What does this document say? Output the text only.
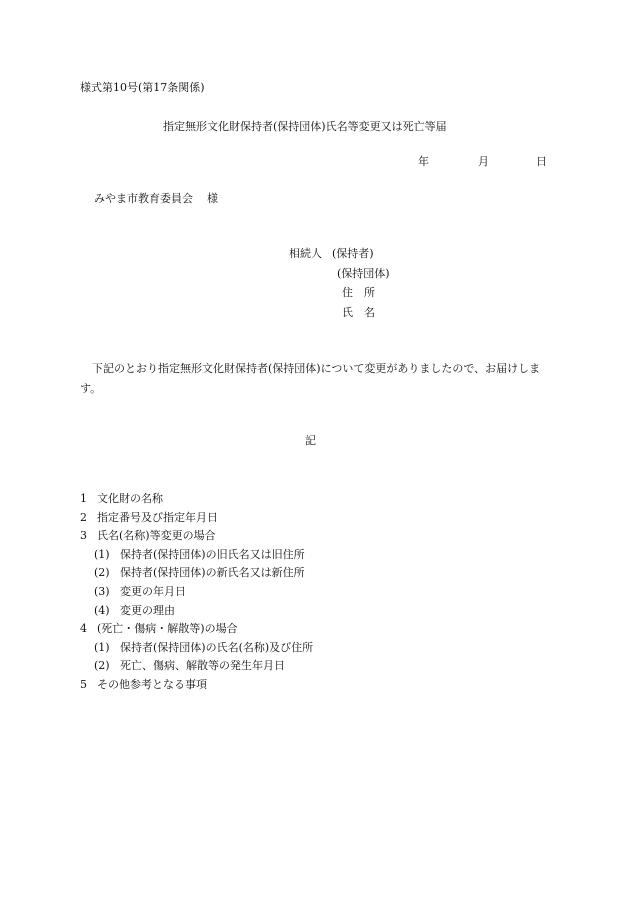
様式第10号(第17条関係)
指定無形文化財保持者(保持団体)氏名等変更又は死亡等届
年	月	日
みやま市教育委員会 様
相続人 (保持者)
(保持団体)
住　所
氏　名
下記のとおり指定無形文化財保持者(保持団体)について変更がありましたので、お届けします。
記
1 文化財の名称
2 指定番号及び指定年月日
3 氏名(名称)等変更の場合
(1) 保持者(保持団体)の旧氏名又は旧住所
(2) 保持者(保持団体)の新氏名又は新住所
(3) 変更の年月日
(4) 変更の理由
4 (死亡・傷病・解散等)の場合
(1) 保持者(保持団体)の氏名(名称)及び住所
(2) 死亡、傷病、解散等の発生年月日
5 その他参考となる事項
